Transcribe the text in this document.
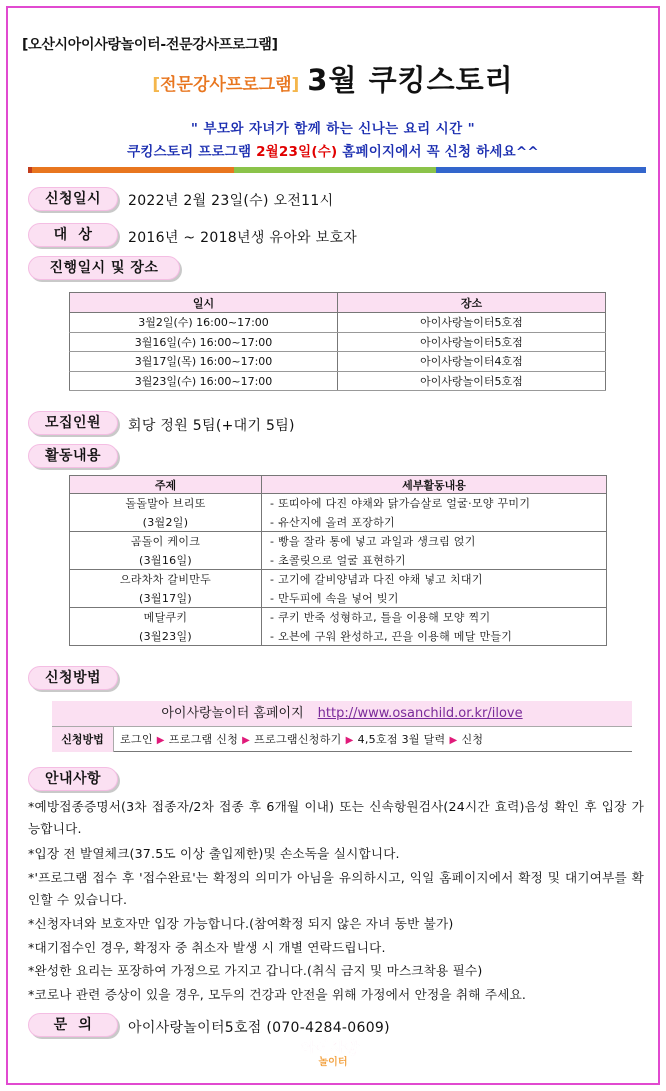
[오산시아이사랑놀이터-전문강사프로그램]
[전문강사프로그램] 3월 쿠킹스토리
" 부모와 자녀가 함께 하는 신나는 요리 시간 "
쿠킹스토리 프로그램 2월23일(수) 홈페이지에서 꼭 신청 하세요^^
신청일시	2022년 2월 23일(수) 오전11시
대  상	2016년 ~ 2018년생 유아와 보호자
진행일시 및 장소
일시	장소
3월2일(수) 16:00~17:00	아이사랑놀이터5호점
3월16일(수) 16:00~17:00	아이사랑놀이터5호점
3월17일(목) 16:00~17:00	아이사랑놀이터4호점
3월23일(수) 16:00~17:00	아이사랑놀이터5호점
모집인원	회당 정원 5팀(+대기 5팀)
활동내용
주제	세부활동내용
돌돌말아 브리또	- 또띠아에 다진 야채와 닭가슴살로 얼굴·모양 꾸미기
(3월2일)	- 유산지에 올려 포장하기
곰돌이 케이크	- 빵을 잘라 통에 넣고 과일과 생크림 얹기
(3월16일)	- 초콜릿으로 얼굴 표현하기
으라차차 갈비만두	- 고기에 갈비양념과 다진 야채 넣고 치대기
(3월17일)	- 만두피에 속을 넣어 빚기
메달쿠키	- 쿠키 반죽 성형하고, 틀을 이용해 모양 찍기
(3월23일)	- 오븐에 구워 완성하고, 끈을 이용해 메달 만들기
신청방법
아이사랑놀이터 홈페이지 http://www.osanchild.or.kr/ilove
신청방법	로그인 ▶ 프로그램 신청 ▶ 프로그램신청하기 ▶ 4,5호점 3월 달력 ▶ 신청
안내사항
*예방접종증명서(3차 접종자/2차 접종 후 6개월 이내) 또는 신속항원검사(24시간 효력)음성 확인 후 입장 가능합니다.
*입장 전 발열체크(37.5도 이상 출입제한)및 손소독을 실시합니다.
*'프로그램 접수 후 '접수완료'는 확정의 의미가 아님을 유의하시고, 익일 홈페이지에서 확정 및 대기여부를 확인할 수 있습니다.
*신청자녀와 보호자만 입장 가능합니다.(참여확정 되지 않은 자녀 동반 불가)
*대기접수인 경우, 확정자 중 취소자 발생 시 개별 연락드립니다.
*완성한 요리는 포장하여 가정으로 가지고 갑니다.(취식 금지 및 마스크착용 필수)
*코로나 관련 증상이 있을 경우, 모두의 건강과 안전을 위해 가정에서 안정을 취해 주세요.
문  의	아이사랑놀이터5호점 (070-4284-0609)
아이사랑
놀이터
